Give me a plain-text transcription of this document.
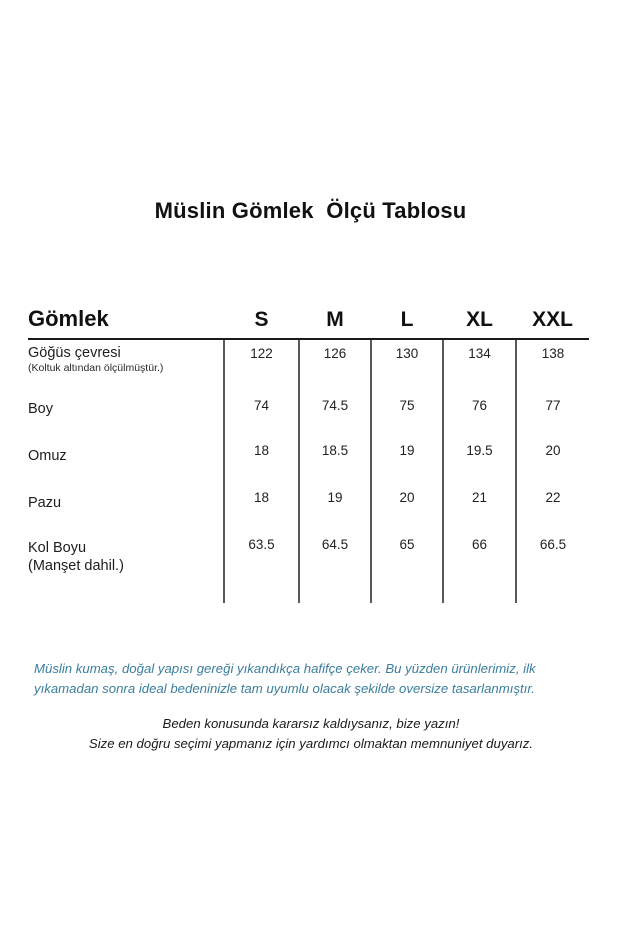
Müslin Gömlek  Ölçü Tablosu
Gömlek	S	M	L	XL	XXL
Göğüs çevresi
(Koltuk altından ölçülmüştür.)	122	126	130	134	138
Boy	74	74.5	75	76	77
Omuz	18	18.5	19	19.5	20
Pazu	18	19	20	21	22

Kol Boyu
(Manşet dahil.)	63.5	64.5	65	66	66.5

Müslin kumaş, doğal yapısı gereği yıkandıkça hafifçe çeker. Bu yüzden ürünlerimiz, ilk yıkamadan sonra ideal bedeninizle tam uyumlu olacak şekilde oversize tasarlanmıştır.
Beden konusunda kararsız kaldıysanız, bize yazın!
Size en doğru seçimi yapmanız için yardımcı olmaktan memnuniyet duyarız.
